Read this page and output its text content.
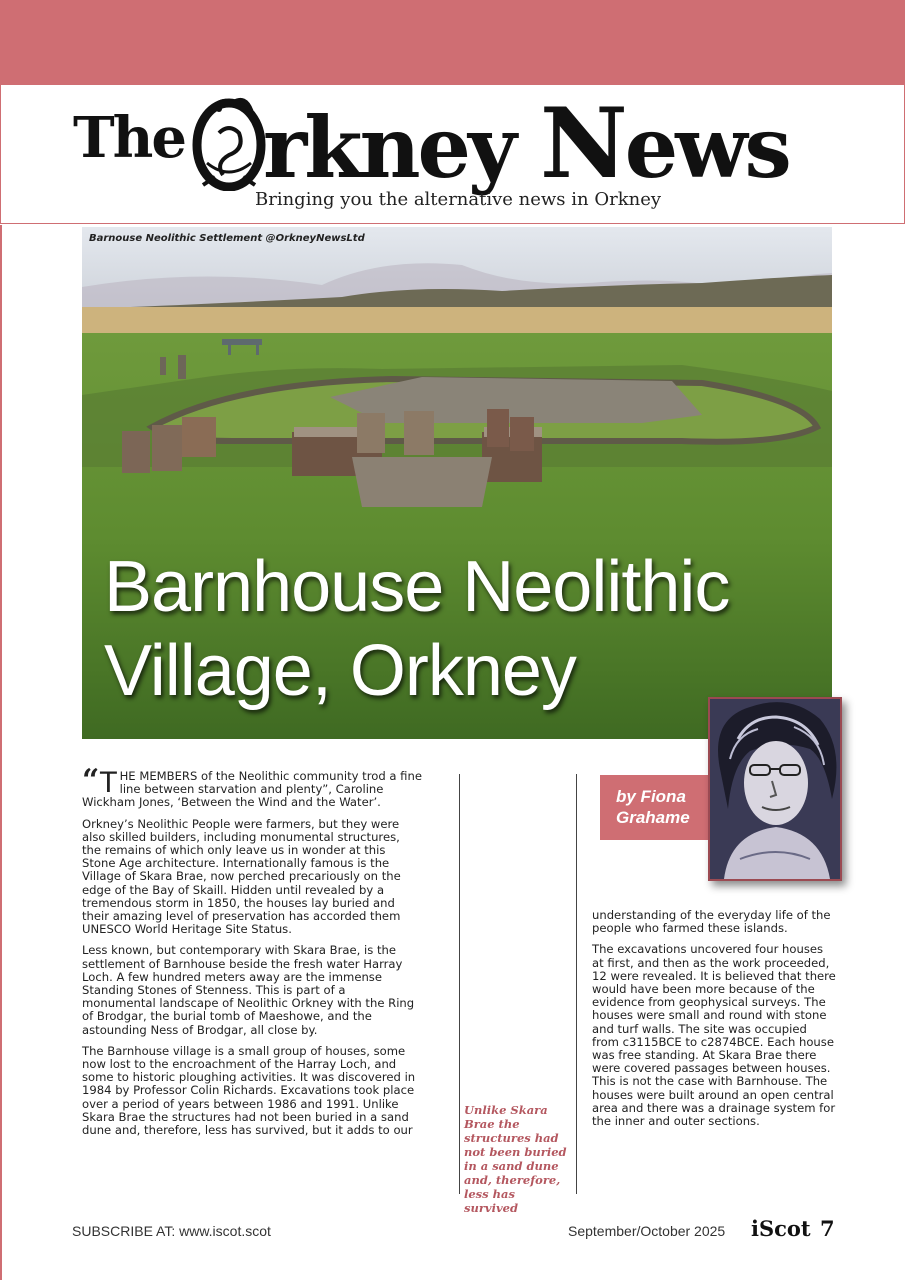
The rkney News
Bringing you the alternative news in Orkney
Barnouse Neolithic Settlement @OrkneyNewsLtd
Barnhouse Neolithic
Village, Orkney
by Fiona
Grahame

“ T HE MEMBERS of the Neolithic community trod a fine line between starvation and plenty”, Caroline Wickham Jones, ‘Between the Wind and the Water’.

Orkney’s Neolithic People were farmers, but they were also skilled builders, including monumental structures, the remains of which only leave us in wonder at this Stone Age architecture. Internationally famous is the Village of Skara Brae, now perched precariously on the edge of the Bay of Skaill. Hidden until revealed by a tremendous storm in 1850, the houses lay buried and their amazing level of preservation has accorded them UNESCO World Heritage Site Status.

Less known, but contemporary with Skara Brae, is the settlement of Barnhouse beside the fresh water Harray Loch. A few hundred meters away are the immense Standing Stones of Stenness. This is part of a monumental landscape of Neolithic Orkney with the Ring of Brodgar, the burial tomb of Maeshowe, and the astounding Ness of Brodgar, all close by.

The Barnhouse village is a small group of houses, some now lost to the encroachment of the Harray Loch, and some to historic ploughing activities. It was discovered in 1984 by Professor Colin Richards. Excavations took place over a period of years between 1986 and 1991. Unlike Skara Brae the structures had not been buried in a sand dune and, therefore, less has survived, but it adds to our

Unlike Skara Brae the structures had not been buried in a sand dune and, therefore, less has survived

understanding of the everyday life of the people who farmed these islands.

The excavations uncovered four houses at first, and then as the work proceeded, 12 were revealed. It is believed that there would have been more because of the evidence from geophysical surveys. The houses were small and round with stone and turf walls. The site was occupied from c3115BCE to c2874BCE. Each house was free standing. At Skara Brae there were covered passages between houses. This is not the case with Barnhouse. The houses were built around an open central area and there was a drainage system for the inner and outer sections.

SUBSCRIBE AT: www.iscot.scot	September/October 2025 iScot 7
